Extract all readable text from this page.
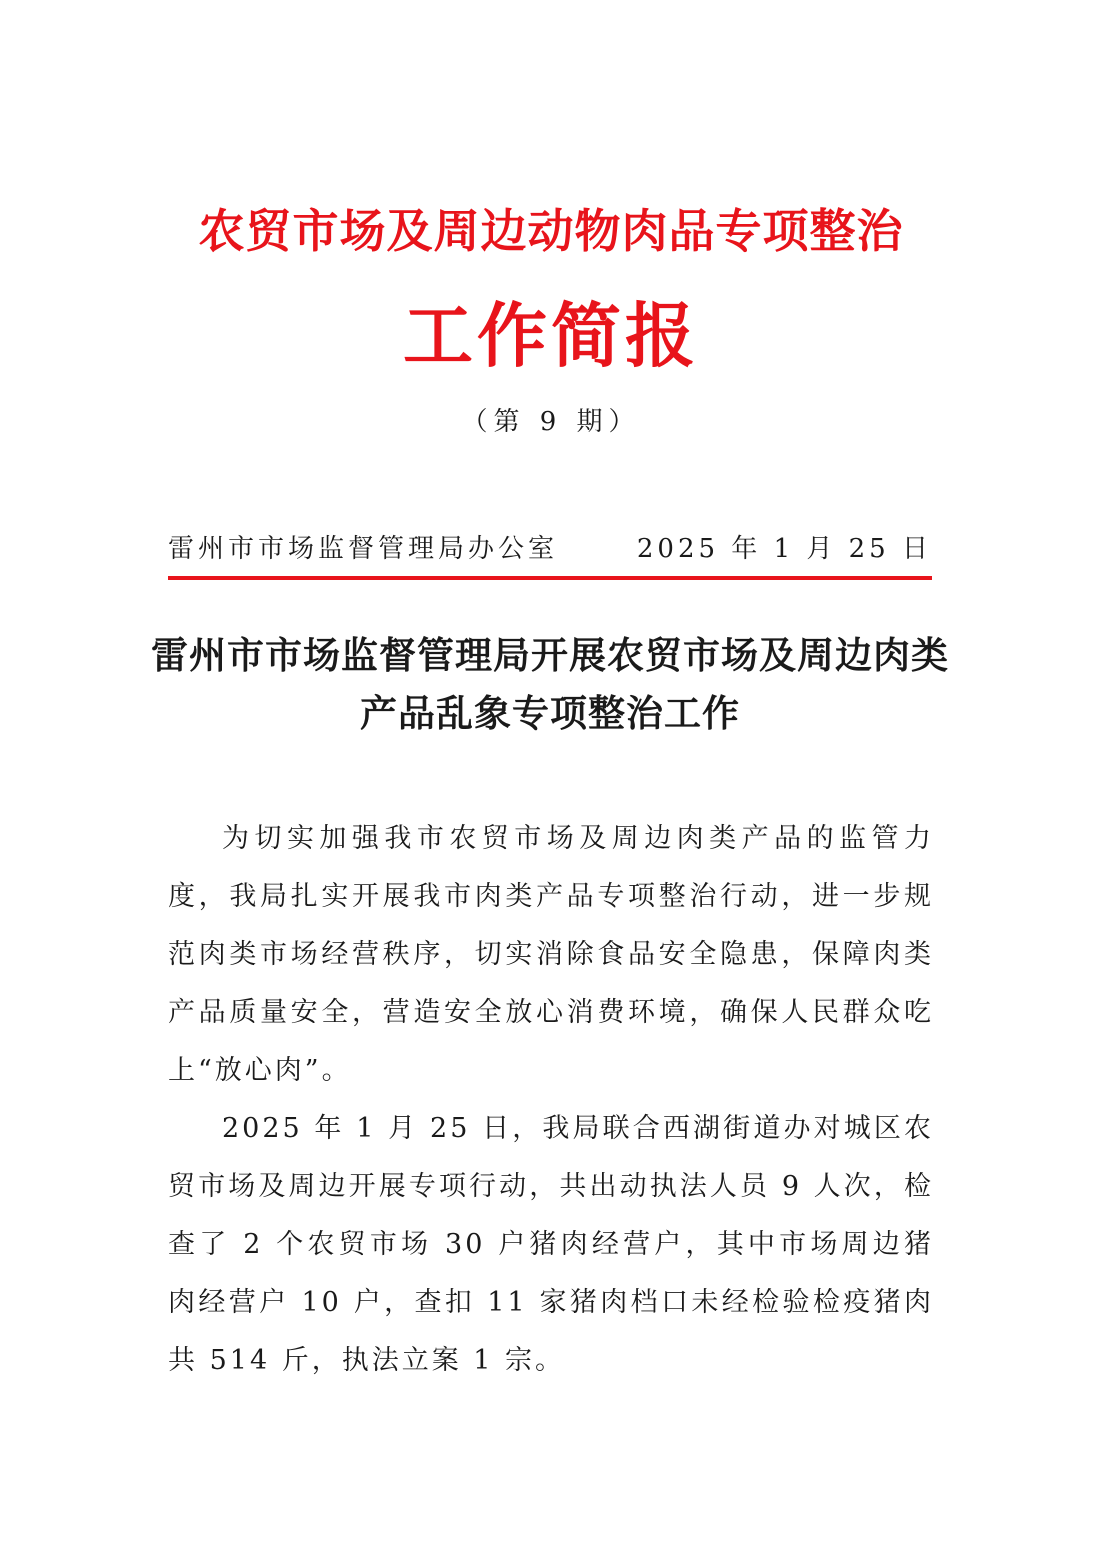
农贸市场及周边动物肉品专项整治
工作简报
（第 9 期）
雷州市市场监督管理局办公室	2025 年 1 月 25 日
雷州市市场监督管理局开展农贸市场及周边肉类产品乱象专项整治工作

为切实加强我市农贸市场及周边肉类产品的监管力度，我局扎实开展我市肉类产品专项整治行动，进一步规范肉类市场经营秩序，切实消除食品安全隐患，保障肉类产品质量安全，营造安全放心消费环境，确保人民群众吃上“放心肉”。

2025 年 1 月 25 日，我局联合西湖街道办对城区农贸市场及周边开展专项行动，共出动执法人员 9 人次，检查了 2 个农贸市场 30 户猪肉经营户，其中市场周边猪肉经营户 10 户，查扣 11 家猪肉档口未经检验检疫猪肉共 514 斤，执法立案 1 宗。
